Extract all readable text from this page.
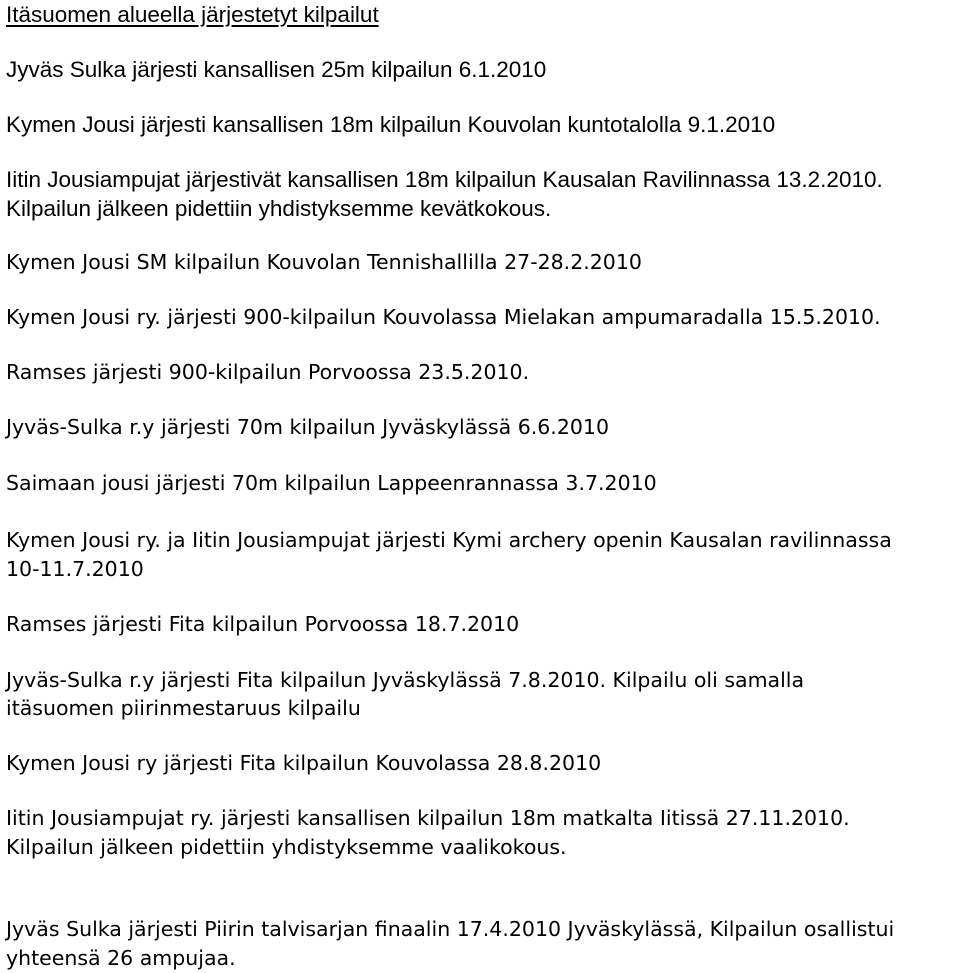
Itäsuomen alueella järjestetyt kilpailut

Jyväs Sulka järjesti kansallisen 25m kilpailun 6.1.2010

Kymen Jousi järjesti kansallisen 18m kilpailun Kouvolan kuntotalolla 9.1.2010

Iitin Jousiampujat järjestivät kansallisen 18m kilpailun Kausalan Ravilinnassa 13.2.2010.

Kilpailun jälkeen pidettiin yhdistyksemme kevätkokous.

Kymen Jousi SM kilpailun Kouvolan Tennishallilla 27-28.2.2010

Kymen Jousi ry. järjesti 900-kilpailun Kouvolassa Mielakan ampumaradalla 15.5.2010.

Ramses järjesti 900-kilpailun Porvoossa 23.5.2010.

Jyväs-Sulka r.y järjesti 70m kilpailun Jyväskylässä 6.6.2010

Saimaan jousi järjesti 70m kilpailun Lappeenrannassa 3.7.2010

Kymen Jousi ry. ja Iitin Jousiampujat järjesti Kymi archery openin Kausalan ravilinnassa

10-11.7.2010

Ramses järjesti Fita kilpailun Porvoossa 18.7.2010

Jyväs-Sulka r.y järjesti Fita kilpailun Jyväskylässä 7.8.2010. Kilpailu oli samalla

itäsuomen piirinmestaruus kilpailu

Kymen Jousi ry järjesti Fita kilpailun Kouvolassa 28.8.2010

Iitin Jousiampujat ry. järjesti kansallisen kilpailun 18m matkalta Iitissä 27.11.2010.

Kilpailun jälkeen pidettiin yhdistyksemme vaalikokous.

Jyväs Sulka järjesti Piirin talvisarjan finaalin 17.4.2010 Jyväskylässä, Kilpailun osallistui

yhteensä 26 ampujaa.
